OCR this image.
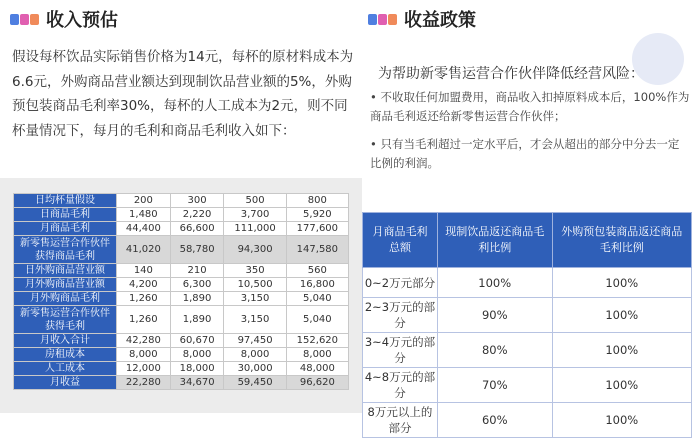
收入预估	收益政策
假设每杯饮品实际销售价格为14元，每杯的原材料成本为6.6元，外购商品营业额达到现制饮品营业额的5%，外购预包装商品毛利率30%，每杯的人工成本为2元，则不同杯量情况下，每月的毛利和商品毛利收入如下：
为帮助新零售运营合作伙伴降低经营风险：
• 不收取任何加盟费用，商品收入扣掉原料成本后，100%作为商品毛利返还给新零售运营合作伙伴；
• 只有当毛利超过一定水平后，才会从超出的部分中分去一定比例的利润。
日均杯量假设	200	300	500	800
日商品毛利	1,480	2,220	3,700	5,920
月商品毛利	44,400	66,600	111,000	177,600
新零售运营合作伙伴获得商品毛利	41,020	58,780	94,300	147,580
日外购商品营业额	140	210	350	560
月外购商品营业额	4,200	6,300	10,500	16,800
月外购商品毛利	1,260	1,890	3,150	5,040
新零售运营合作伙伴获得毛利	1,260	1,890	3,150	5,040
月收入合计	42,280	60,670	97,450	152,620
房租成本	8,000	8,000	8,000	8,000
人工成本	12,000	18,000	30,000	48,000
月收益	22,280	34,670	59,450	96,620
月商品毛利总额	现制饮品返还商品毛利比例	外购预包装商品返还商品毛利比例
0~2万元部分	100%	100%
2~3万元的部分	90%	100%
3~4万元的部分	80%	100%
4~8万元的部分	70%	100%
8万元以上的部分	60%	100%
